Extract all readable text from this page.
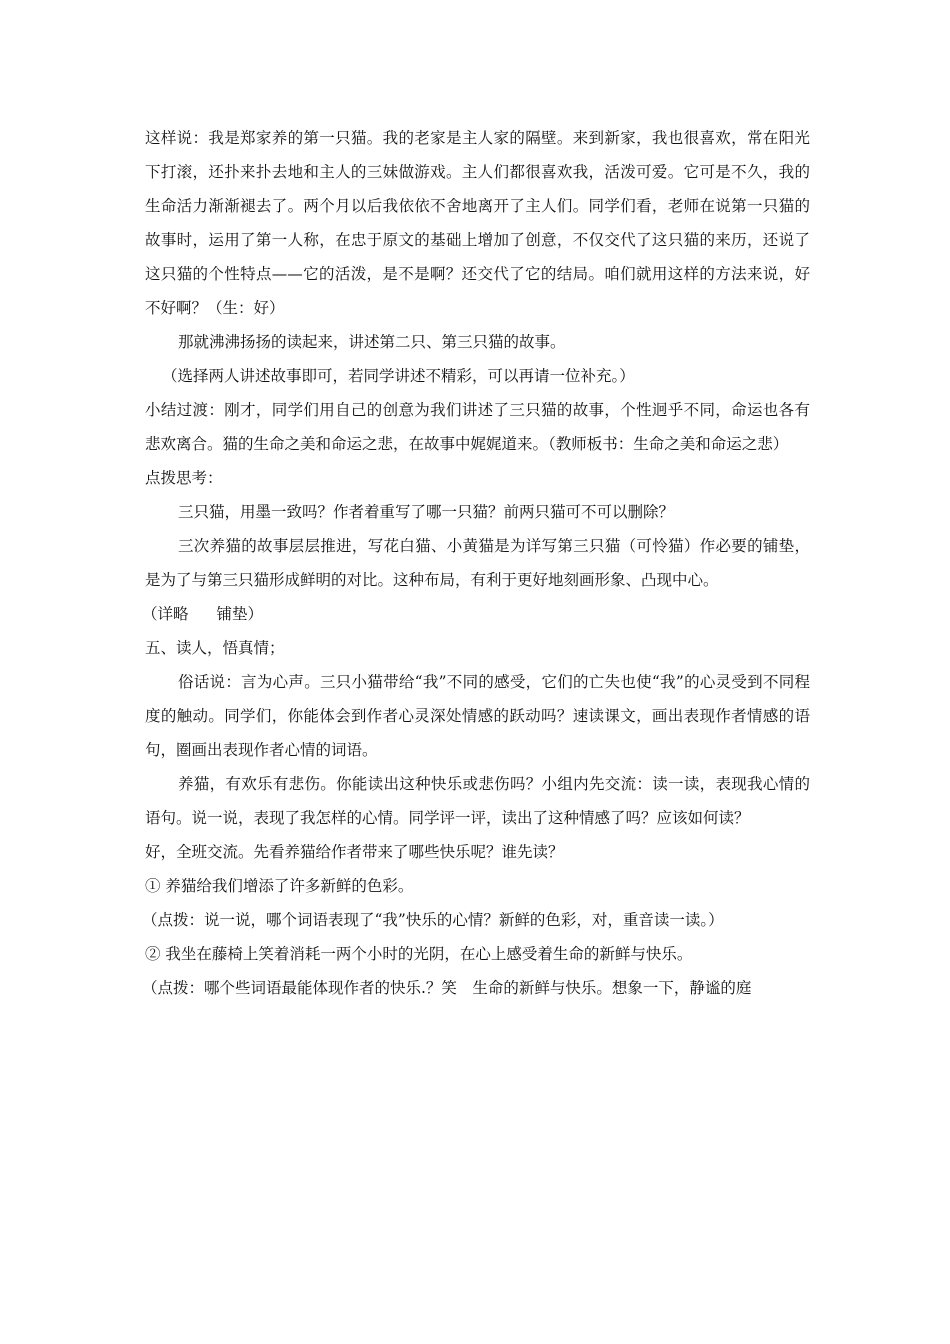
这样说：我是郑家养的第一只猫。我的老家是主人家的隔壁。来到新家，我也很喜欢，常在阳光下打滚，还扑来扑去地和主人的三妹做游戏。主人们都很喜欢我，活泼可爱。它可是不久，我的生命活力渐渐褪去了。两个月以后我依依不舍地离开了主人们。同学们看，老师在说第一只猫的故事时，运用了第一人称，在忠于原文的基础上增加了创意，不仅交代了这只猫的来历，还说了这只猫的个性特点——它的活泼，是不是啊？还交代了它的结局。咱们就用这样的方法来说，好不好啊？（生：好）

那就沸沸扬扬的读起来，讲述第二只、第三只猫的故事。

（选择两人讲述故事即可，若同学讲述不精彩，可以再请一位补充。）

小结过渡：刚才，同学们用自己的创意为我们讲述了三只猫的故事，个性迥乎不同，命运也各有悲欢离合。猫的生命之美和命运之悲，在故事中娓娓道来。（教师板书：生命之美和命运之悲）

点拨思考：

三只猫，用墨一致吗？作者着重写了哪一只猫？前两只猫可不可以删除？

三次养猫的故事层层推进，写花白猫、小黄猫是为详写第三只猫（可怜猫）作必要的铺垫，是为了与第三只猫形成鲜明的对比。这种布局，有利于更好地刻画形象、凸现中心。

（详略 铺垫）

五、读人，悟真情；

俗话说：言为心声。三只小猫带给“我”不同的感受，它们的亡失也使“我”的心灵受到不同程度的触动。同学们，你能体会到作者心灵深处情感的跃动吗？速读课文，画出表现作者情感的语句，圈画出表现作者心情的词语。

养猫，有欢乐有悲伤。你能读出这种快乐或悲伤吗？小组内先交流：读一读，表现我心情的语句。说一说，表现了我怎样的心情。同学评一评，读出了这种情感了吗？应该如何读？

好，全班交流。先看养猫给作者带来了哪些快乐呢？谁先读？

① 养猫给我们增添了许多新鲜的色彩。

（点拨：说一说，哪个词语表现了“我”快乐的心情？新鲜的色彩，对，重音读一读。）

② 我坐在藤椅上笑着消耗一两个小时的光阴，在心上感受着生命的新鲜与快乐。

（点拨：哪个些词语最能体现作者的快乐.？笑　生命的新鲜与快乐。想象一下，静谧的庭
